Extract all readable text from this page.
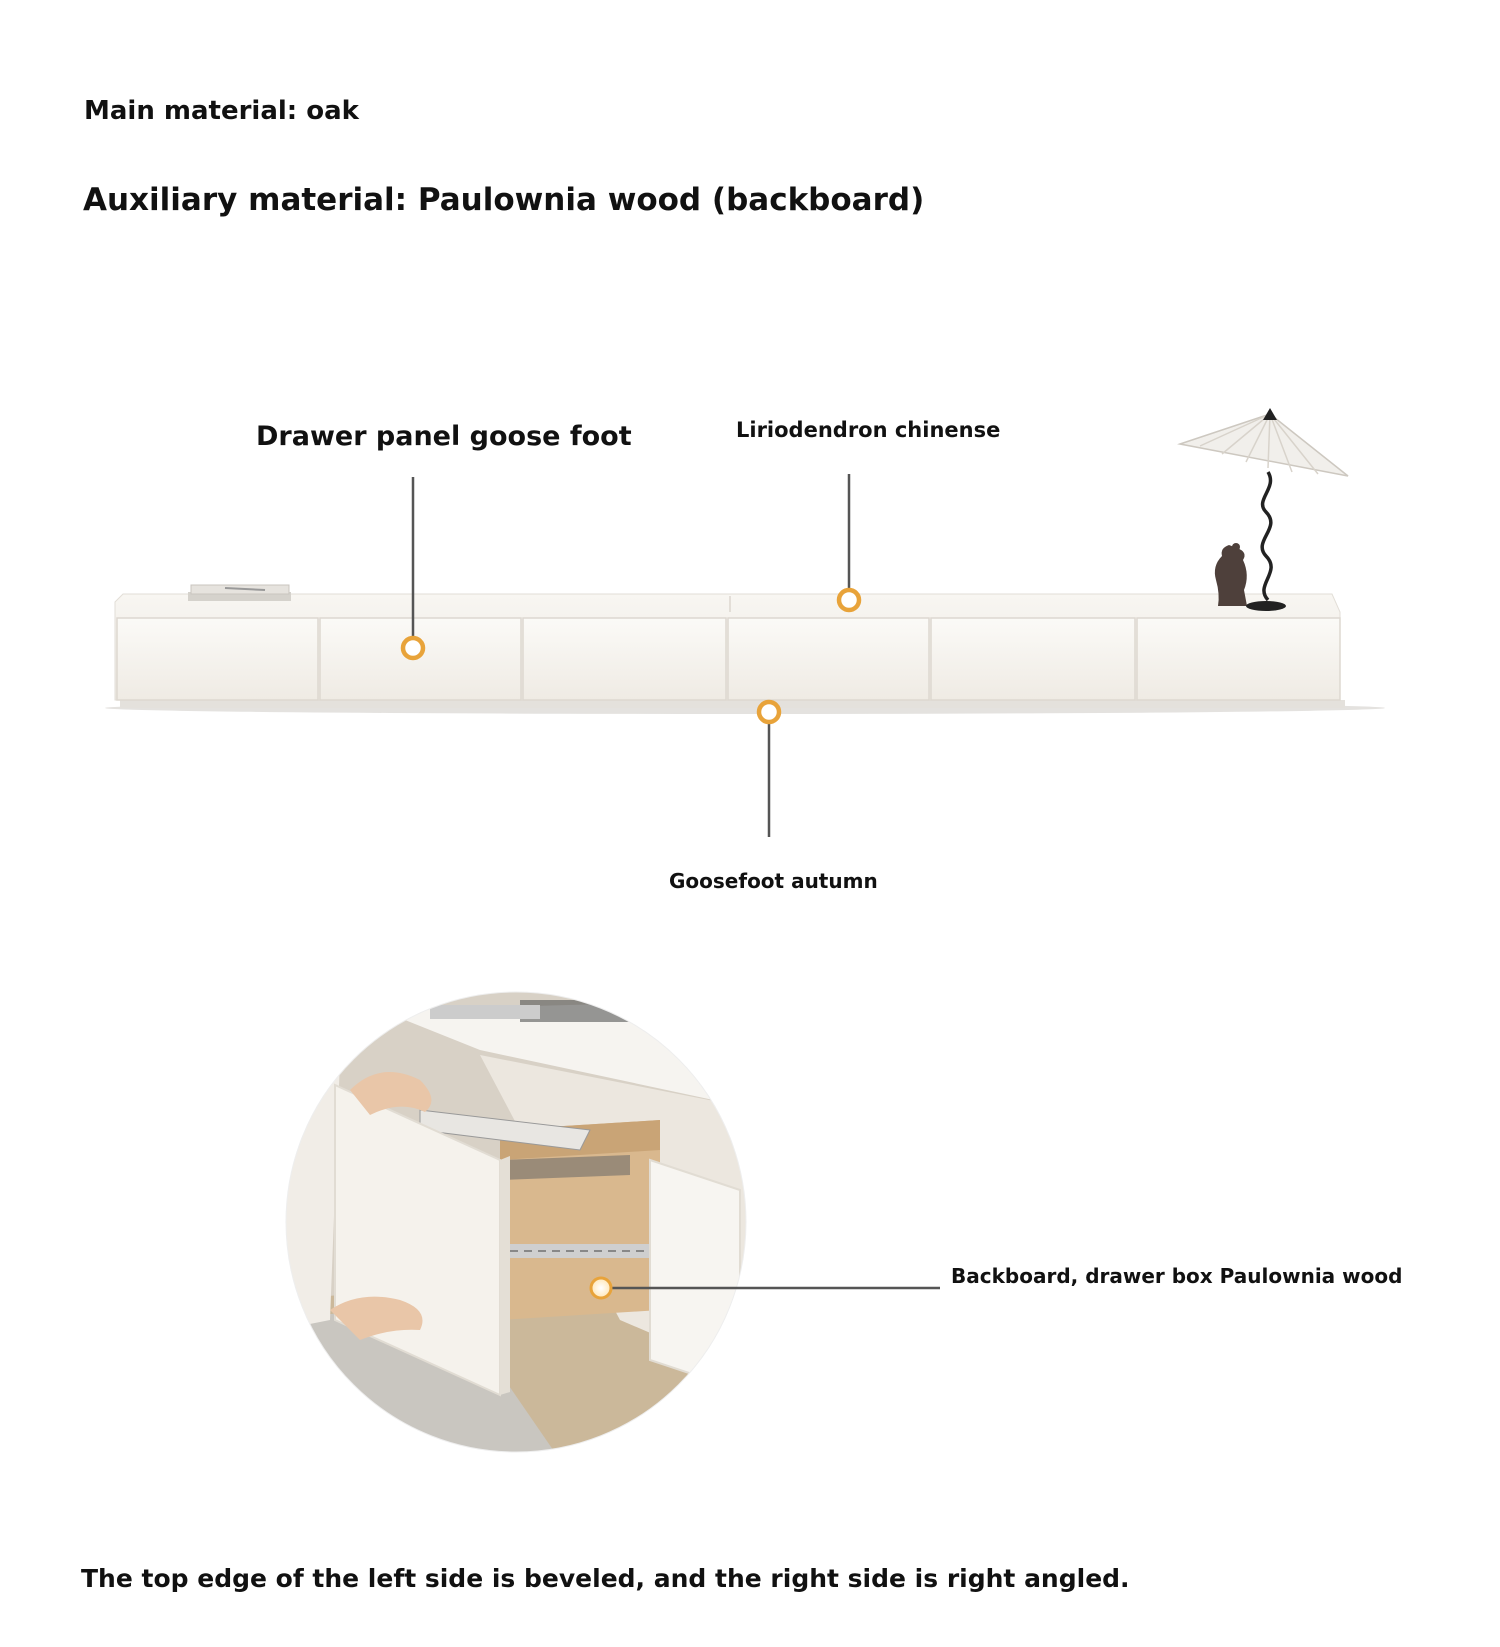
Main material: oak
Auxiliary material: Paulownia wood (backboard)
Drawer panel goose foot	Liriodendron chinense
Goosefoot autumn
Backboard, drawer box Paulownia wood
The top edge of the left side is beveled, and the right side is right angled.
